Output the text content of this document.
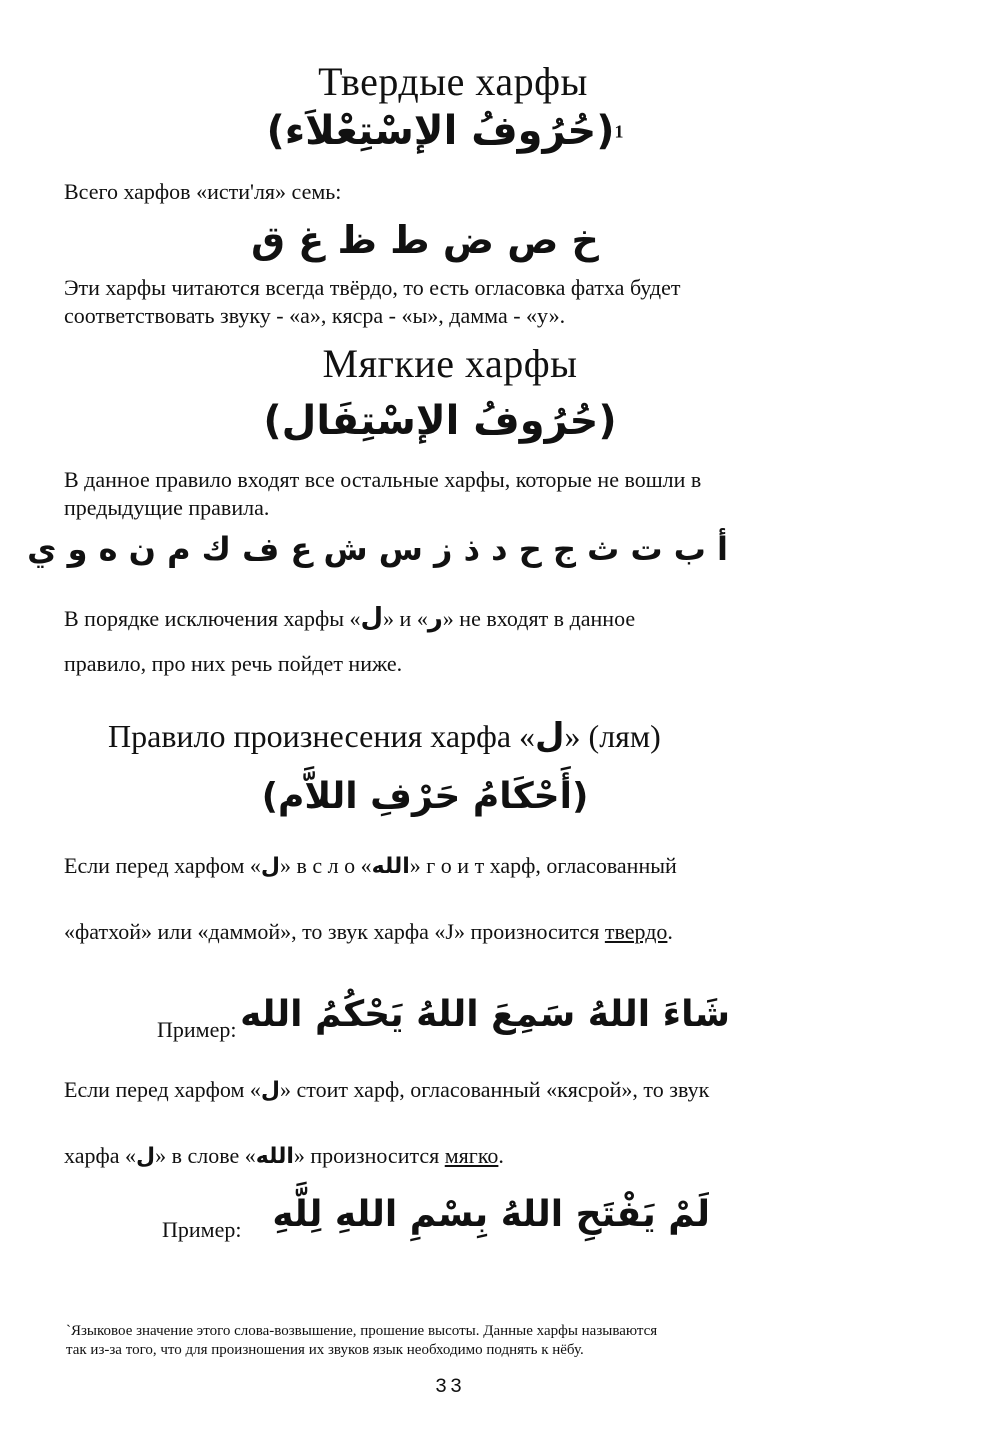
Твердые харфы
(حُرُوفُ الإسْتِعْلاَء)$^1$
Всего харфов «исти'ля» семь:
خ ص ض ط ظ غ ق
Эти харфы читаются всегда твёрдо, то есть огласовка фатха будет
соответствовать звуку - «а», кясра - «ы», дамма - «у».
Мягкие харфы
(حُرُوفُ الإسْتِفَال)
В данное правило входят все остальные харфы, которые не вошли в
предыдущие правила.
أ ب ت ث ج ح د ذ ز س ش ع ف ك م ن ه و ي
В порядке исключения харфы «ل» и «ر» не входят в данное
правило, про них речь пойдет ниже.
Правило произнесения харфа «ل» (лям)
(أَحْكَامُ حَرْفِ اللاَّم)
Если перед харфом «ل» в с л о «الله» г о и т харф, огласованный
«фатхой» или «даммой», то звук харфа «J» произносится твердо.
Пример: شَاءَ اللهُ سَمِعَ اللهُ يَحْكُمُ الله
Если перед харфом «ل» стоит харф, огласованный «кясрой», то звук
харфа «ل» в слове «الله» произносится мягко.
Пример: لَمْ يَفْتَحِ اللهُ بِسْمِ اللهِ لِلَّهِ
`Языковое значение этого слова-возвышение, прошение высоты. Данные харфы называются
так из-за того, что для произношения их звуков язык необходимо поднять к нёбу.
33
